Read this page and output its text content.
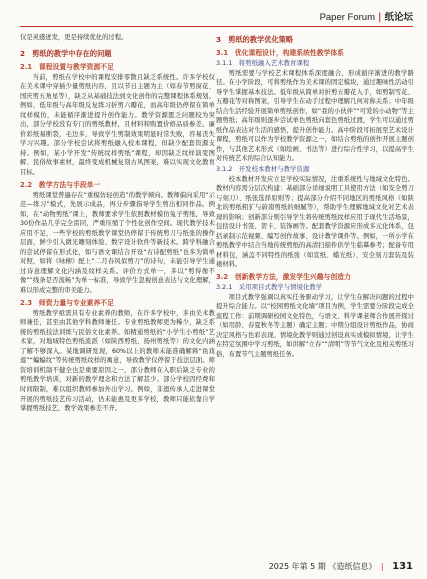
Paper Forum | 纸论坛

仅是灵感迸发，更是持续优化的过程。

2　剪纸的教学中存在的问题
2.1　课程设置与教学资源不足

当前，剪纸在学校中的课程安排零散且缺乏系统性。许多学校仅在美术课中穿插少量剪纸内容，且以节日主题为主（如春节剪窗花、国庆剪五角星等），缺乏从基础技法到文化创作的完整课程体系规划。例如，低年级与高年级反复练习折剪六瓣花，而高年级仍停留在简单纹样模仿，未能循序渐进提升创作能力。教学资源匮乏问题较为突出，部分学校没有专门的剪纸教材，且材料和购置价格品质参差。廉价彩纸易断裂，毛边多，导致学生剪制效果明显时常失败，容易丧失学习兴趣。部分学校尝试将剪纸融入校本课程，但缺少配套资源支持。例如，某小学开发“传统纹样剪纸”课程，却因缺乏纹样演变图解、民俗故事素材，最终变成机械复刻古风图案，难以实现文化教育目标。

2.2　教学方法与手段单一

剪纸课堂普遍存在“重模仿轻创造”的教学倾向。教师偏向采用“示范—练习”模式，先展示成品，再分步骤指导学生剪出相同作品。例如，在“动物剪纸”课上，教师要求学生依照教材模仿兔子剪纸，导致30份作品几乎完全雷同，严重压缩了个性化创作空间。现代教学技术应用不足，一些学校的剪纸教学课堂仍停留于传统剪刀与纸张的操作层面，鲜少引入微光雕刻体验、数字设计软件等新技术。跨学科融合的尝试停留在形式化，如与语文课结合开设“古诗配剪纸”也多为简单对照，如将《咏柳》配上“二月春风似剪刀”的诗句，未能引导学生通过诗意理解文化内涵及纹样关系。评价方式单一，多以“剪得像不像”“线条是否流畅”为单一标准，导致学生忽视创意表达与文化理解，难以形成完整的审美能力。

2.3　师资力量与专业素养不足

剪纸教学亟需具有专业素养的教师，在许多学校中，多由美术教师兼任，甚至由其他学科教师兼任。专业剪纸教师更为稀少，缺乏系统的剪纸技法训练与民俗文化素养。如精通剪纸的“小学生小剪纸”艺术家，对地域特色剪纸流派（如陕西剪纸、扬州剪纸等）的文化内涵了解不够深入。某地调研发现，60%以上的教师未能准确解释“鱼戏莲”“蝙蝠纹”等传统剪纸纹样的寓意，导致教学仅停留于技法层面。师资培训机制不健全也是重要原因之一，部分教师在入职后缺乏专业的剪纸教学培训，对新的教学理念和方法了解甚少。部分学校因经费和时间限制，难以组织教师参加外出学习。例如，非遗传承人走进课堂开展的剪纸技艺传习活动，仍未能惠及更多学校，教师只能依靠自学掌握剪纸技艺，教学效果参差不齐。

3　剪纸的教学优化策略
3.1　优化课程设计，构建系统性教学体系
3.1.1　将剪纸融入艺术教育课程

剪纸需要与学校艺术课程体系深度融合，形成循序渐进的教学路径。在小学阶段，可将剪纸作为美术课的固定模块，通过趣味性活动引导学生掌握基本技法。低年级从简单对折剪五瓣花入手，如剪制雪花、五瓣花等对称图案，引导学生在动手过程中理解几何对称关系；中年级结合生活经验开展简单剪纸创作，如“我的小伙伴”“可爱的小动物”等主题剪纸；高年级则逐步尝试单色剪纸向套色剪纸过渡，学生可以通过剪纸作品表达对生活的感悟，提升创作能力。高中阶段可拓展至艺术设计课程，剪纸可以作为学校教学资源之一，如结合剪纸的创作开展主题创作，与其他艺术形式（如绘画、书法等）进行综合性学习，以提高学生对传统艺术的综合认知能力。

3.1.2　开发校本教材与教学资源

校本教材开发应立足学校实际情况，注重系统性与地域文化特色。教材内容需分层次构建：基础部分详细说明工具使用方法（如安全剪刀与刻刀）、纸张选择原则等；提高部分介绍不同地区的剪纸风格（如陕北的剪纸粗犷与蔚南剪纸的细腻等），帮助学生理解地域文化对艺术表现的影响；创新部分则引导学生将传统剪纸纹样应用于现代生活场景，包括设计书签、贺卡、装饰画等。配套教学资源应形成多元化体系，包括录制示范视频、编写创作故事、设计教学课件等。例如，一所小学在剪纸教学中结合当地传统剪纸的高清扫描件供学生临摹参考；配备专用材料包，涵盖不同特性的纸张（如宣纸、蜡光纸）、安全刻刀套装及装裱材料。

3.2　创新教学方法，激发学生兴趣与创造力
3.2.1　采用项目式教学与情境化教学

项目式教学强调以真实任务驱动学习，让学生在解决问题的过程中提升综合能力。以“校园剪纸文化墙”项目为例，学生需要分阶段完成全流程工作：前期调研校园文化特色，与语文、科学课老师合作展开探讨（如用龄、春夏秋冬等主题）确定主题；中期分组设计剪纸作品，协商决定风格与色彩表现。情境化教学则通过创设真实或模拟情境，让学生在特定氛围中学习剪纸，如讲解“立春”“清明”等节气文化及相关剪纸习俗，布置节气主题剪纸任务。

2025 年第 5 期 《造纸信息》 | 131
